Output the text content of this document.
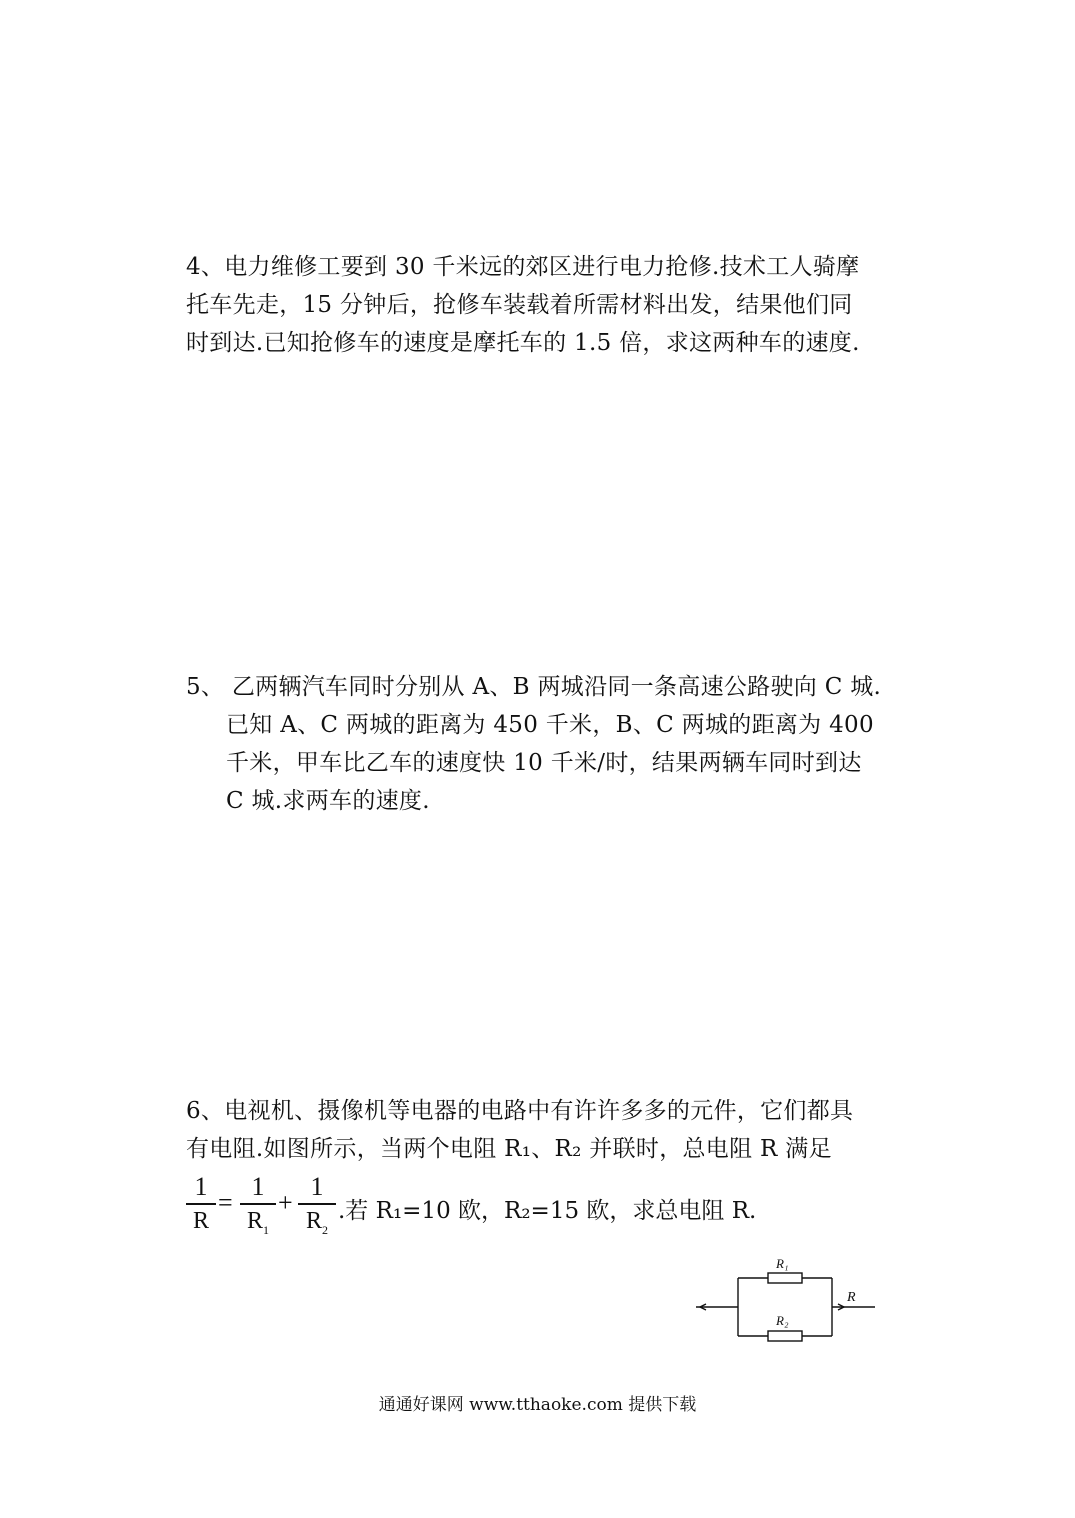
4、电力维修工要到 30 千米远的郊区进行电力抢修.技术工人骑摩
托车先走，15 分钟后，抢修车装载着所需材料出发，结果他们同
时到达.已知抢修车的速度是摩托车的 1.5 倍，求这两种车的速度.
5、 乙两辆汽车同时分别从 A、B 两城沿同一条高速公路驶向 C 城.
已知 A、C 两城的距离为 450 千米，B、C 两城的距离为 400
千米，甲车比乙车的速度快 10 千米/时，结果两辆车同时到达
C 城.求两车的速度.
6、电视机、摄像机等电器的电路中有许许多多的元件，它们都具
有电阻.如图所示，当两个电阻 R₁、R₂ 并联时，总电阻 R 满足
1
R
=
1
$R_1$
+
1
$R_2$
.若 R₁=10 欧，R₂=15 欧，求总电阻 R.
R₁
R₂
R
通通好课网 www.tthaoke.com 提供下载
